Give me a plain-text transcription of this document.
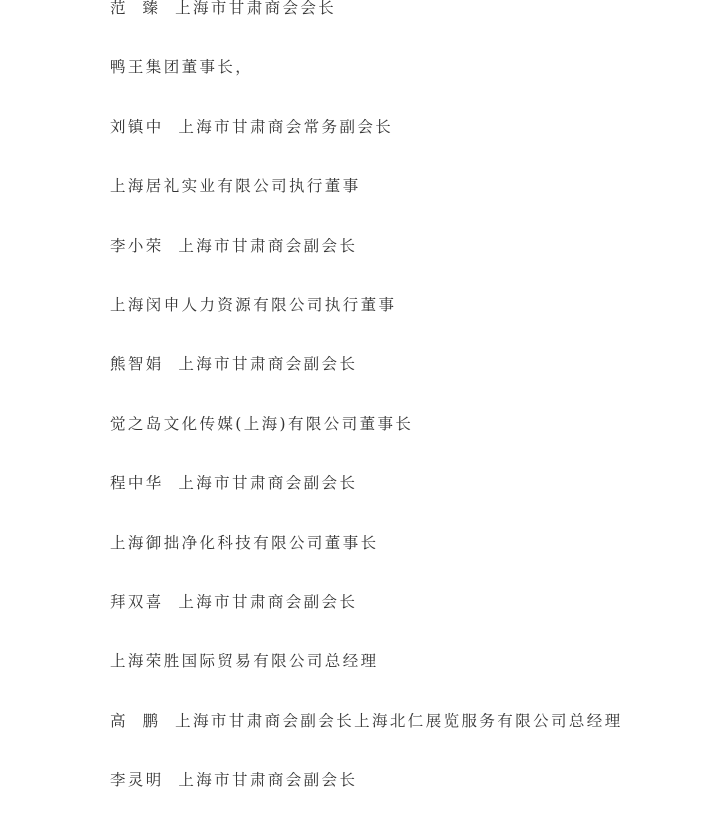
范  臻  上海市甘肃商会会长
鸭王集团董事长，
刘镇中  上海市甘肃商会常务副会长
上海居礼实业有限公司执行董事
李小荣  上海市甘肃商会副会长
上海闵申人力资源有限公司执行董事
熊智娟  上海市甘肃商会副会长
觉之岛文化传媒(上海)有限公司董事长
程中华  上海市甘肃商会副会长
上海御拙净化科技有限公司董事长
拜双喜  上海市甘肃商会副会长
上海荣胜国际贸易有限公司总经理
高  鹏  上海市甘肃商会副会长上海北仁展览服务有限公司总经理
李灵明  上海市甘肃商会副会长
